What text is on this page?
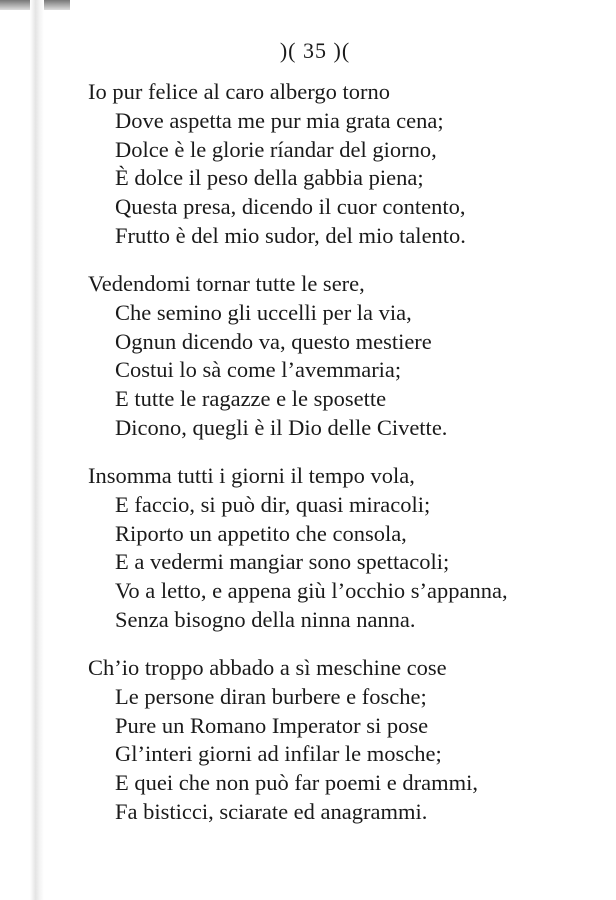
)( 35 )(
Io pur felice al caro albergo torno
Dove aspetta me pur mia grata cena;
Dolce è le glorie ríandar del giorno,
È dolce il peso della gabbia piena;
Questa presa, dicendo il cuor contento,
Frutto è del mio sudor, del mio talento.
Vedendomi tornar tutte le sere,
Che semino gli uccelli per la via,
Ognun dicendo va, questo mestiere
Costui lo sà come l’avemmaria;
E tutte le ragazze e le sposette
Dicono, quegli è il Dio delle Civette.
Insomma tutti i giorni il tempo vola,
E faccio, si può dir, quasi miracoli;
Riporto un appetito che consola,
E a vedermi mangiar sono spettacoli;
Vo a letto, e appena giù l’occhio s’appanna,
Senza bisogno della ninna nanna.
Ch’io troppo abbado a sì meschine cose
Le persone diran burbere e fosche;
Pure un Romano Imperator si pose
Gl’interi giorni ad infilar le mosche;
E quei che non può far poemi e drammi,
Fa bisticci, sciarate ed anagrammi.
